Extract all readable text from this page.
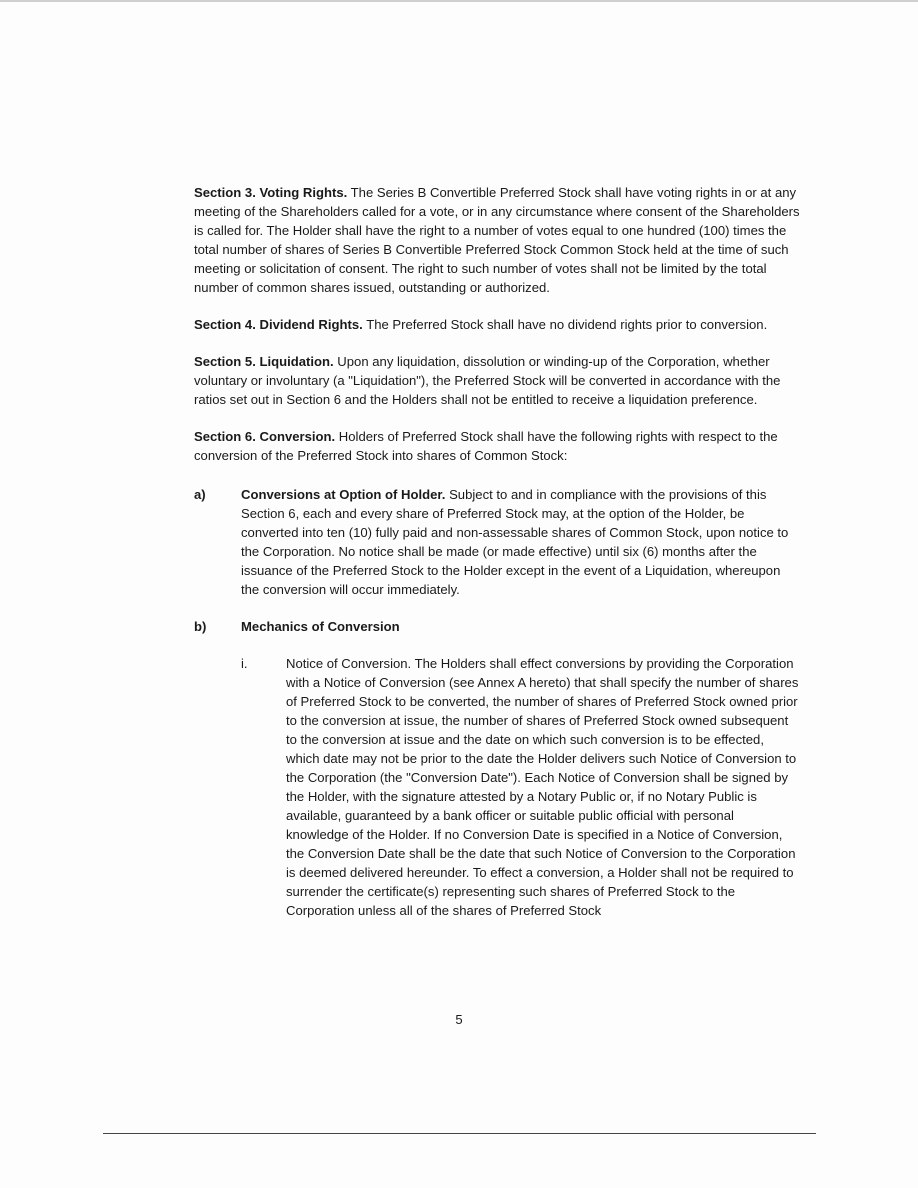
Section 3. Voting Rights. The Series B Convertible Preferred Stock shall have voting rights in or at any meeting of the Shareholders called for a vote, or in any circumstance where consent of the Shareholders is called for. The Holder shall have the right to a number of votes equal to one hundred (100) times the total number of shares of Series B Convertible Preferred Stock Common Stock held at the time of such meeting or solicitation of consent. The right to such number of votes shall not be limited by the total number of common shares issued, outstanding or authorized.

Section 4. Dividend Rights. The Preferred Stock shall have no dividend rights prior to conversion.

Section 5. Liquidation. Upon any liquidation, dissolution or winding-up of the Corporation, whether voluntary or involuntary (a "Liquidation"), the Preferred Stock will be converted in accordance with the ratios set out in Section 6 and the Holders shall not be entitled to receive a liquidation preference.

Section 6. Conversion. Holders of Preferred Stock shall have the following rights with respect to the conversion of the Preferred Stock into shares of Common Stock:

a)	Conversions at Option of Holder. Subject to and in compliance with the provisions of this Section 6, each and every share of Preferred Stock may, at the option of the Holder, be converted into ten (10) fully paid and non-assessable shares of Common Stock, upon notice to the Corporation. No notice shall be made (or made effective) until six (6) months after the issuance of the Preferred Stock to the Holder except in the event of a Liquidation, whereupon the conversion will occur immediately.

b)	Mechanics of Conversion

i.	Notice of Conversion. The Holders shall effect conversions by providing the Corporation with a Notice of Conversion (see Annex A hereto) that shall specify the number of shares of Preferred Stock to be converted, the number of shares of Preferred Stock owned prior to the conversion at issue, the number of shares of Preferred Stock owned subsequent to the conversion at issue and the date on which such conversion is to be effected, which date may not be prior to the date the Holder delivers such Notice of Conversion to the Corporation (the "Conversion Date"). Each Notice of Conversion shall be signed by the Holder, with the signature attested by a Notary Public or, if no Notary Public is available, guaranteed by a bank officer or suitable public official with personal knowledge of the Holder. If no Conversion Date is specified in a Notice of Conversion, the Conversion Date shall be the date that such Notice of Conversion to the Corporation is deemed delivered hereunder. To effect a conversion, a Holder shall not be required to surrender the certificate(s) representing such shares of Preferred Stock to the Corporation unless all of the shares of Preferred Stock

5
